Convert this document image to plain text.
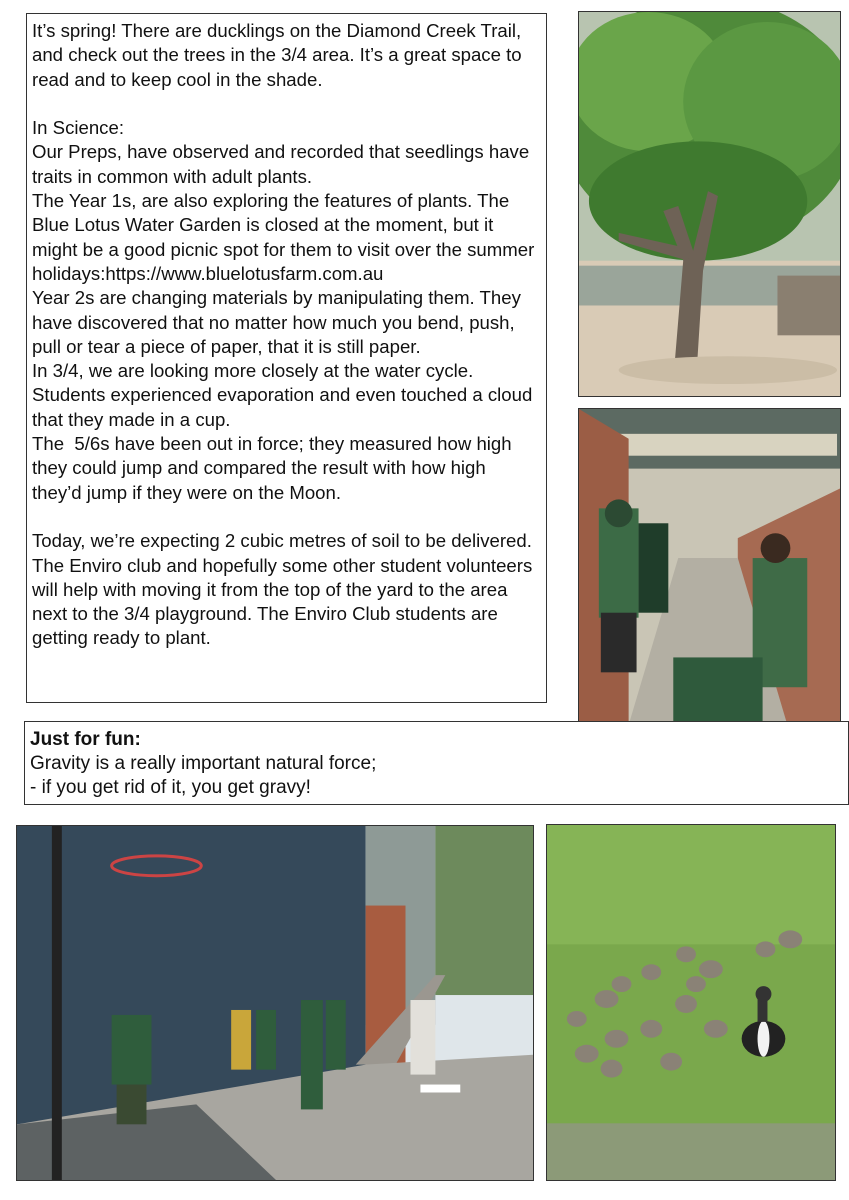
It’s spring! There are ducklings on the Diamond Creek Trail, and check out the trees in the 3/4 area. It’s a great space to read and to keep cool in the shade.

In Science:
Our Preps, have observed and recorded that seedlings have traits in common with adult plants.
The Year 1s, are also exploring the features of plants. The Blue Lotus Water Garden is closed at the moment, but it might be a good picnic spot for them to visit over the summer holidays:https://www.bluelotusfarm.com.au
Year 2s are changing materials by manipulating them. They have discovered that no matter how much you bend, push, pull or tear a piece of paper, that it is still paper.
In 3/4, we are looking more closely at the water cycle. Students experienced evaporation and even touched a cloud that they made in a cup.
The  5/6s have been out in force; they measured how high they could jump and compared the result with how high they’d jump if they were on the Moon.

Today, we’re expecting 2 cubic metres of soil to be delivered. The Enviro club and hopefully some other student volunteers will help with moving it from the top of the yard to the area next to the 3/4 playground. The Enviro Club students are getting ready to plant.
Just for fun:
Gravity is a really important natural force;
- if you get rid of it, you get gravy!
